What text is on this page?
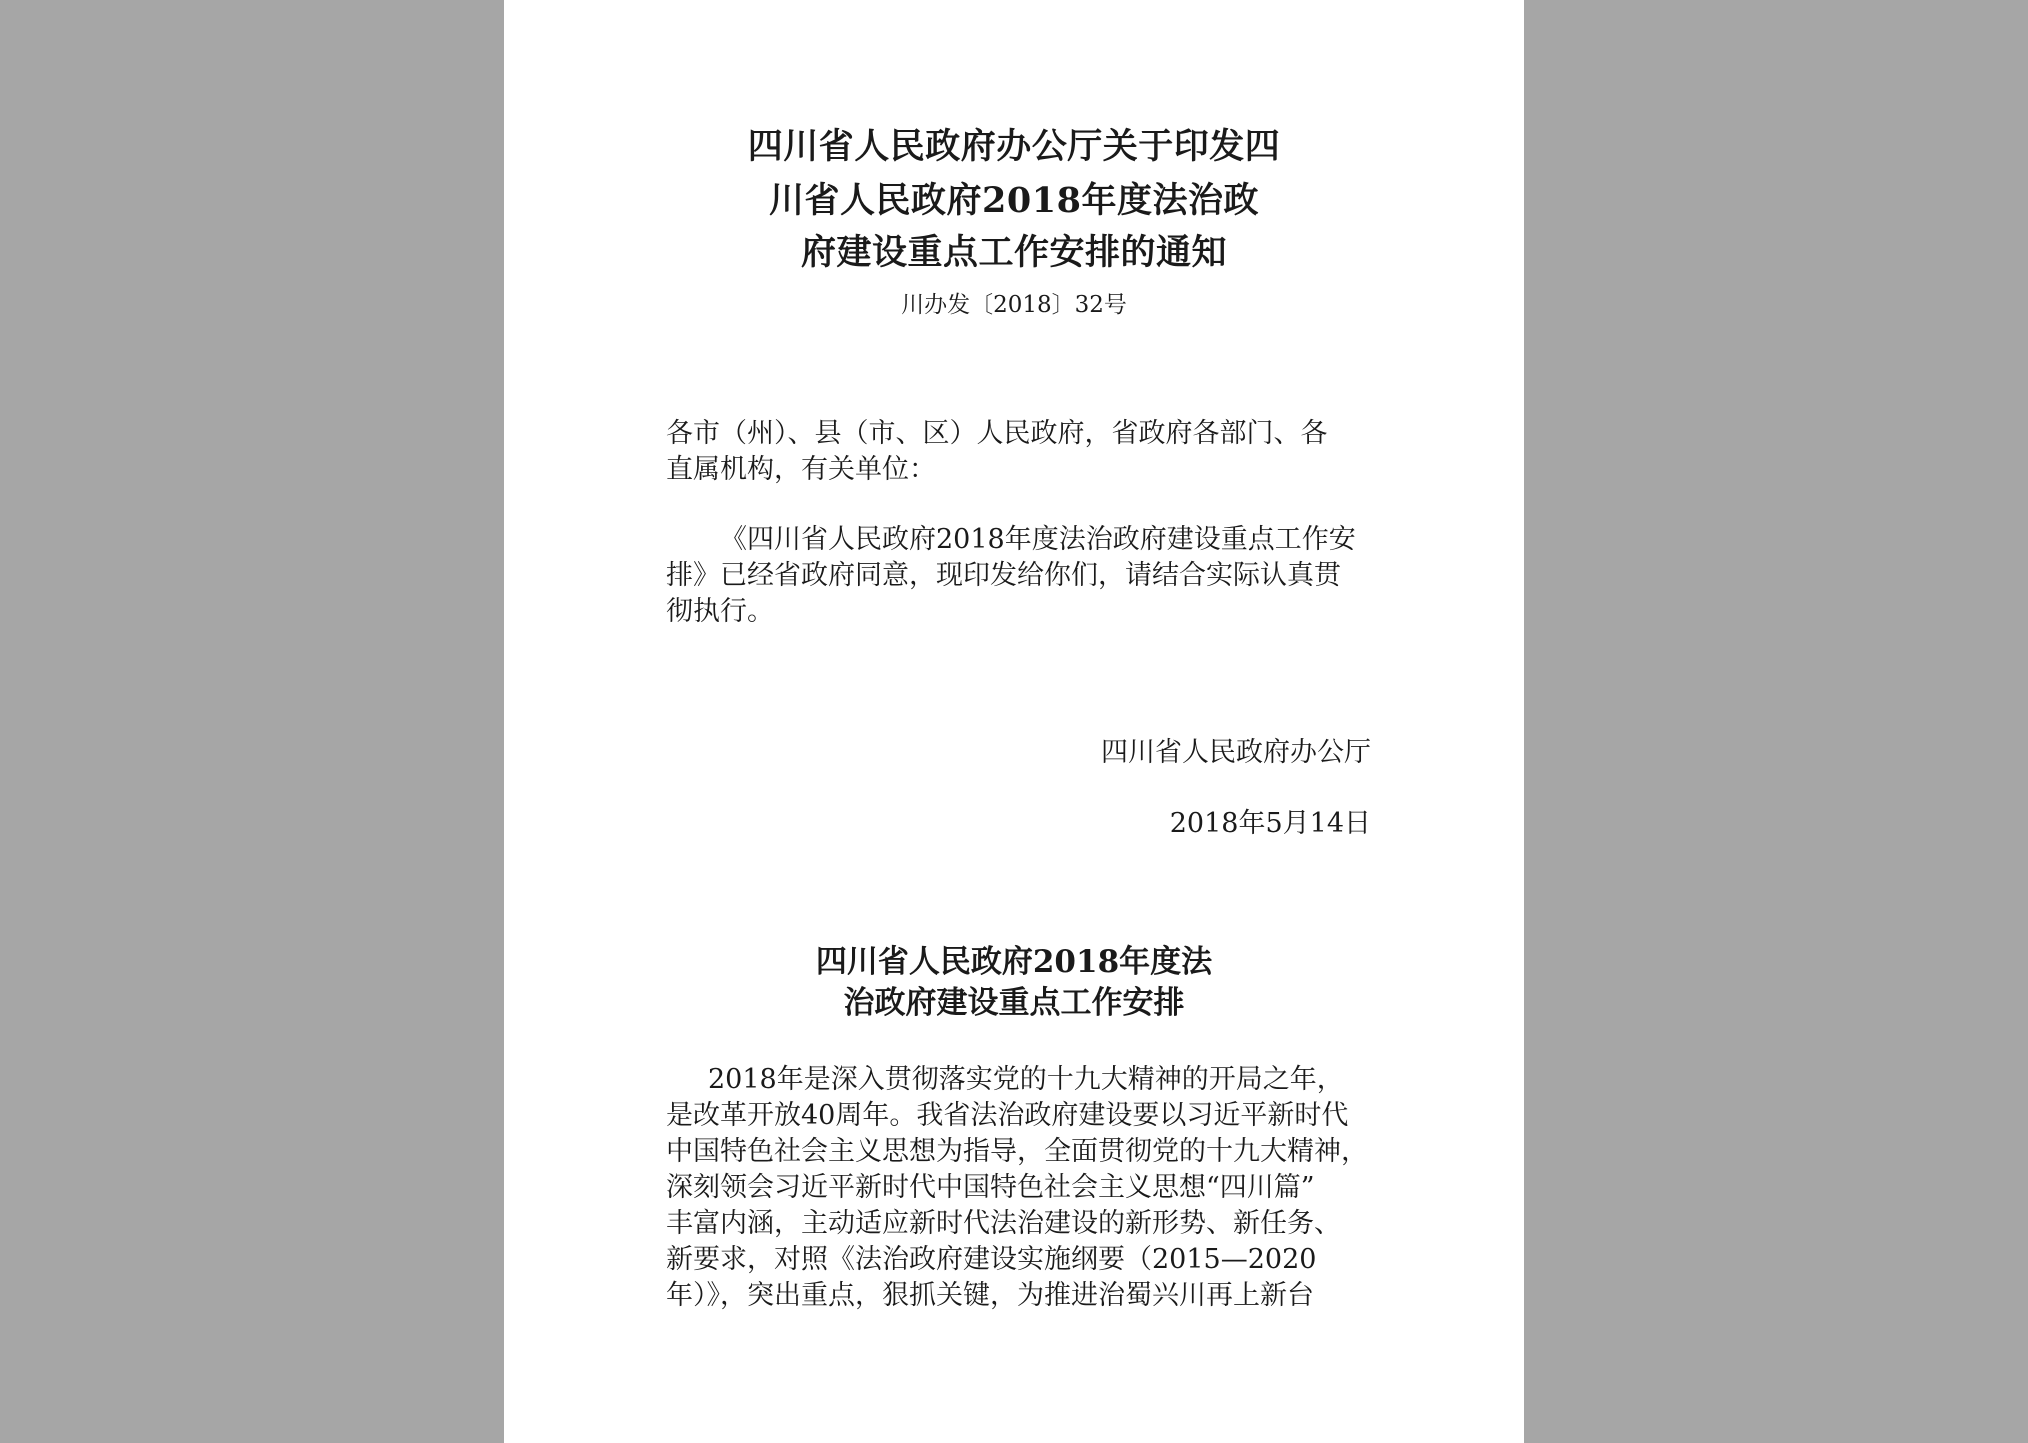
四川省人民政府办公厅关于印发四
川省人民政府2018年度法治政
府建设重点工作安排的通知
川办发〔2018〕32号
各市（州）、县（市、区）人民政府，省政府各部门、各
直属机构，有关单位：
《四川省人民政府2018年度法治政府建设重点工作安
排》已经省政府同意，现印发给你们，请结合实际认真贯
彻执行。
四川省人民政府办公厅
2018年5月14日
四川省人民政府2018年度法
治政府建设重点工作安排
2018年是深入贯彻落实党的十九大精神的开局之年，
是改革开放40周年。我省法治政府建设要以习近平新时代
中国特色社会主义思想为指导，全面贯彻党的十九大精神，
深刻领会习近平新时代中国特色社会主义思想“四川篇”
丰富内涵，主动适应新时代法治建设的新形势、新任务、
新要求，对照《法治政府建设实施纲要（2015—2020
年）》，突出重点，狠抓关键，为推进治蜀兴川再上新台
